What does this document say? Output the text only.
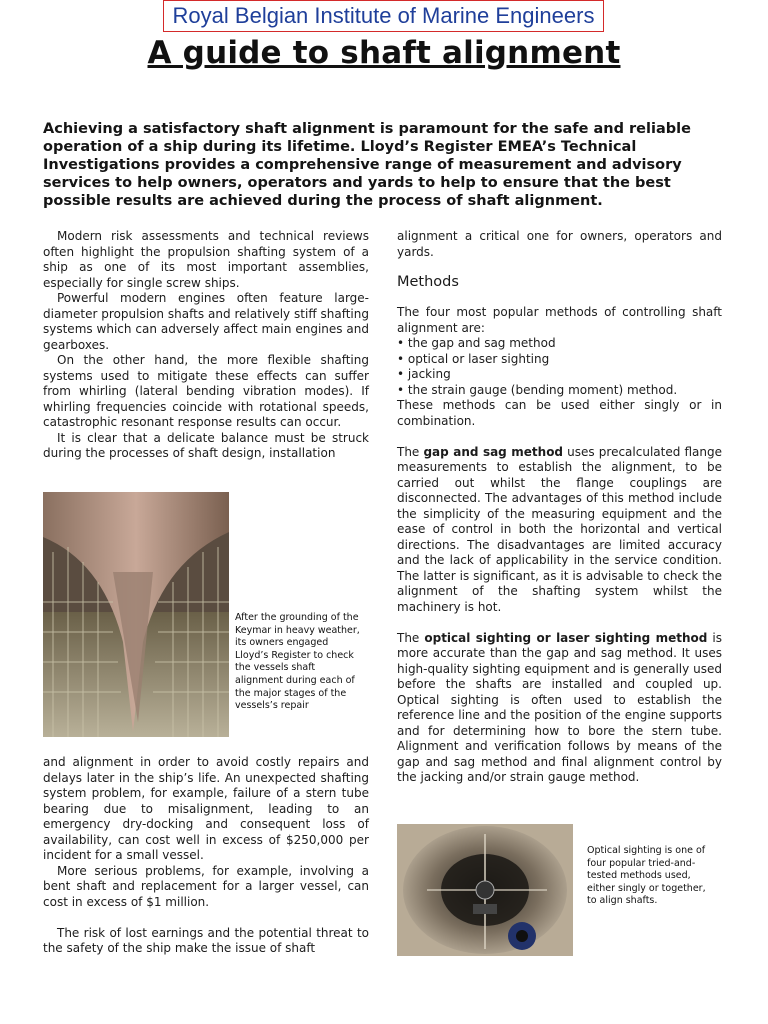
Royal Belgian Institute of Marine Engineers
A guide to shaft alignment
Achieving a satisfactory shaft alignment is paramount for the safe and reliable operation of a ship during its lifetime. Lloyd’s Register EMEA’s Technical Investigations provides a comprehensive range of measurement and advisory services to help owners, operators and yards to help to ensure that the best possible results are achieved during the process of shaft alignment.

Modern risk assessments and technical reviews often highlight the propulsion shafting system of a ship as one of its most important assemblies, especially for single screw ships.

Powerful modern engines often feature large-diameter propulsion shafts and relatively stiff shafting systems which can adversely affect main engines and gearboxes.

On the other hand, the more flexible shafting systems used to mitigate these effects can suffer from whirling (lateral bending vibration modes). If whirling frequencies coincide with rotational speeds, catastrophic resonant response results can occur.

It is clear that a delicate balance must be struck during the processes of shaft design, installation

After the grounding of the Keymar in heavy weather, its owners engaged Lloyd’s Register to check the vessels shaft alignment during each of the major stages of the vessels’s repair

and alignment in order to avoid costly repairs and delays later in the ship’s life. An unexpected shafting system problem, for example, failure of a stern tube bearing due to misalignment, leading to an emergency dry-docking and consequent loss of availability, can cost well in excess of $250,000 per incident for a small vessel.

More serious problems, for example, involving a bent shaft and replacement for a larger vessel, can cost in excess of $1 million.

The risk of lost earnings and the potential threat to the safety of the ship make the issue of shaft

alignment a critical one for owners, operators and yards.

Methods

The four most popular methods of controlling shaft alignment are:

• the gap and sag method
• optical or laser sighting
• jacking
• the strain gauge (bending moment) method.

These methods can be used either singly or in combination.

The gap and sag method uses precalculated flange measurements to establish the alignment, to be carried out whilst the flange couplings are disconnected. The advantages of this method include the simplicity of the measuring equipment and the ease of control in both the horizontal and vertical directions. The disadvantages are limited accuracy and the lack of applicability in the service condition. The latter is significant, as it is advisable to check the alignment of the shafting system whilst the machinery is hot.

The optical sighting or laser sighting method is more accurate than the gap and sag method. It uses high-quality sighting equipment and is generally used before the shafts are installed and coupled up. Optical sighting is often used to establish the reference line and the position of the engine supports and for determining how to bore the stern tube. Alignment and verification follows by means of the gap and sag method and final alignment control by the jacking and/or strain gauge method.

Optical sighting is one of four popular tried-and-tested methods used, either singly or together, to align shafts.
